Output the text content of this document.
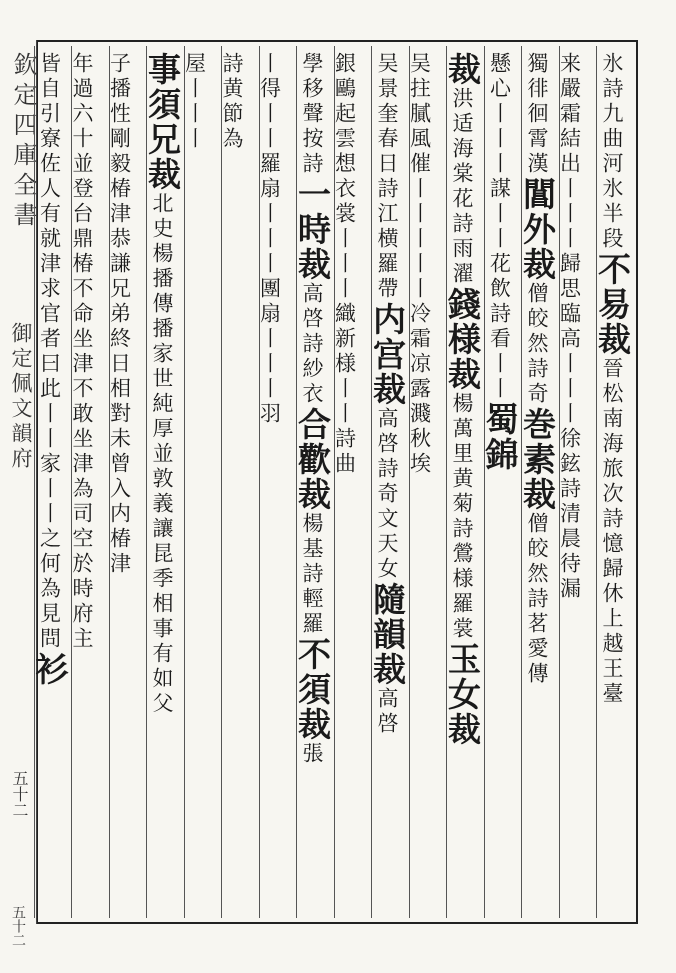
欽定四庫全書
御定佩文韻府
五十二
五十二
氷詩九曲河氷半段不易裁晉松南海旅次詩憶歸休上越王臺
来嚴霜結出丨丨丨歸思臨高丨丨丨徐鉉詩清晨待漏
獨徘徊霄漢閶外裁僧皎然詩奇巻素裁僧皎然詩茗愛傳
懸心丨丨丨謀丨丨花飲詩看丨丨蜀錦
裁洪适海棠花詩雨濯錢様裁楊萬里黄菊詩鶯様羅裳玉女裁
吴拄膩風催丨丨丨丨丨冷霜凉露濺秋埃
吴景奎春日詩江横羅帶内宫裁高啓詩奇文天女隨韻裁高啓
銀鷗起雲想衣裳丨丨丨織新様丨丨詩曲
學移聲按詩一時裁高啓詩紗衣合歡裁楊基詩輕羅不須裁張
丨得丨丨羅扇丨丨丨團扇丨丨丨羽
詩黄節為
屋丨丨丨
事須兄裁北史楊播傳播家世純厚並敦義讓昆季相事有如父
子播性剛毅椿津恭謙兄弟終日相對未曾入内椿津
年過六十並登台鼎椿不命坐津不敢坐津為司空於時府主
皆自引寮佐人有就津求官者曰此丨丨家丨丨之何為見問衫
